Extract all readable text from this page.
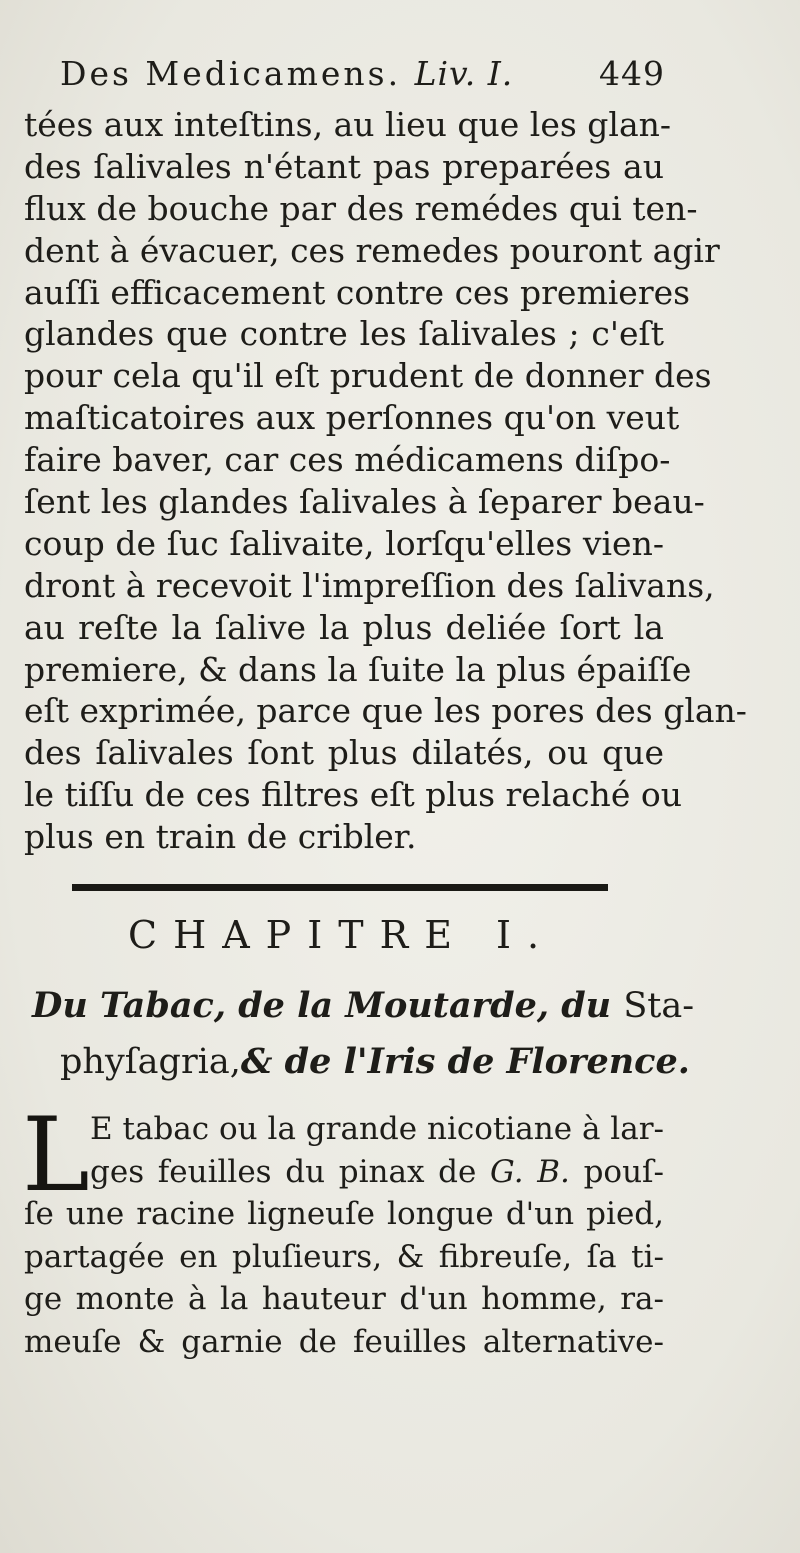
Des Medicamens. Liv. I.	449
tées aux inteſtins, au lieu que les glan-
des ſalivales n'étant pas preparées au
flux de bouche par des remédes qui ten-
dent à évacuer, ces remedes pouront agir
auſſi efficacement contre ces premieres
glandes que contre les ſalivales ; c'eſt
pour cela qu'il eſt prudent de donner des
maſticatoires aux perſonnes qu'on veut
faire baver, car ces médicamens diſpo-
ſent les glandes ſalivales à ſeparer beau-
coup de ſuc ſalivaite, lorſqu'elles vien-
dront à recevoit l'impreſſion des ſalivans,
au reſte la ſalive la plus deliée ſort la
premiere, & dans la ſuite la plus épaiſſe
eſt exprimée, parce que les pores des glan-
des ſalivales ſont plus dilatés, ou que
le tiſſu de ces filtres eſt plus relaché ou
plus en train de cribler.
CHAPITRE I.
Du Tabac, de la Moutarde, du Sta-
phyſagria,& de l'Iris de Florence.
L E tabac ou la grande nicotiane à lar-
ges feuilles du pinax de G. B. pouſ-
ſe une racine ligneuſe longue d'un pied,
partagée en pluſieurs, & fibreuſe, ſa ti-
ge monte à la hauteur d'un homme, ra-
meuſe & garnie de feuilles alternative-
